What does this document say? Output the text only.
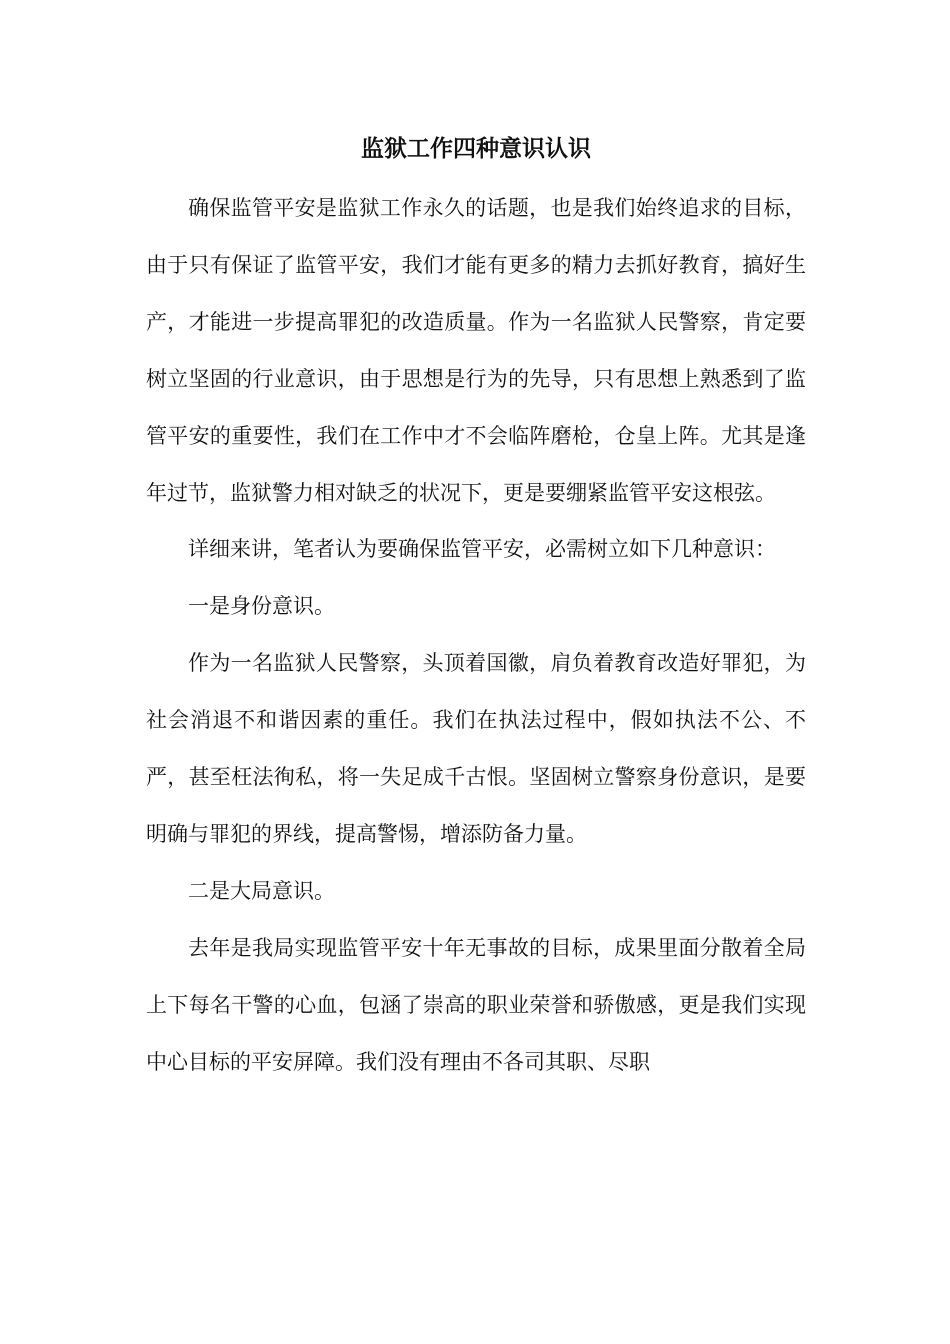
监狱工作四种意识认识

确保监管平安是监狱工作永久的话题，也是我们始终追求的目标，由于只有保证了监管平安，我们才能有更多的精力去抓好教育，搞好生产，才能进一步提高罪犯的改造质量。作为一名监狱人民警察，肯定要树立坚固的行业意识，由于思想是行为的先导，只有思想上熟悉到了监管平安的重要性，我们在工作中才不会临阵磨枪，仓皇上阵。尤其是逢年过节，监狱警力相对缺乏的状况下，更是要绷紧监管平安这根弦。

详细来讲，笔者认为要确保监管平安，必需树立如下几种意识：

一是身份意识。

作为一名监狱人民警察，头顶着国徽，肩负着教育改造好罪犯，为社会消退不和谐因素的重任。我们在执法过程中，假如执法不公、不严，甚至枉法徇私，将一失足成千古恨。坚固树立警察身份意识，是要明确与罪犯的界线，提高警惕，增添防备力量。

二是大局意识。

去年是我局实现监管平安十年无事故的目标，成果里面分散着全局上下每名干警的心血，包涵了崇高的职业荣誉和骄傲感，更是我们实现中心目标的平安屏障。我们没有理由不各司其职、尽职
